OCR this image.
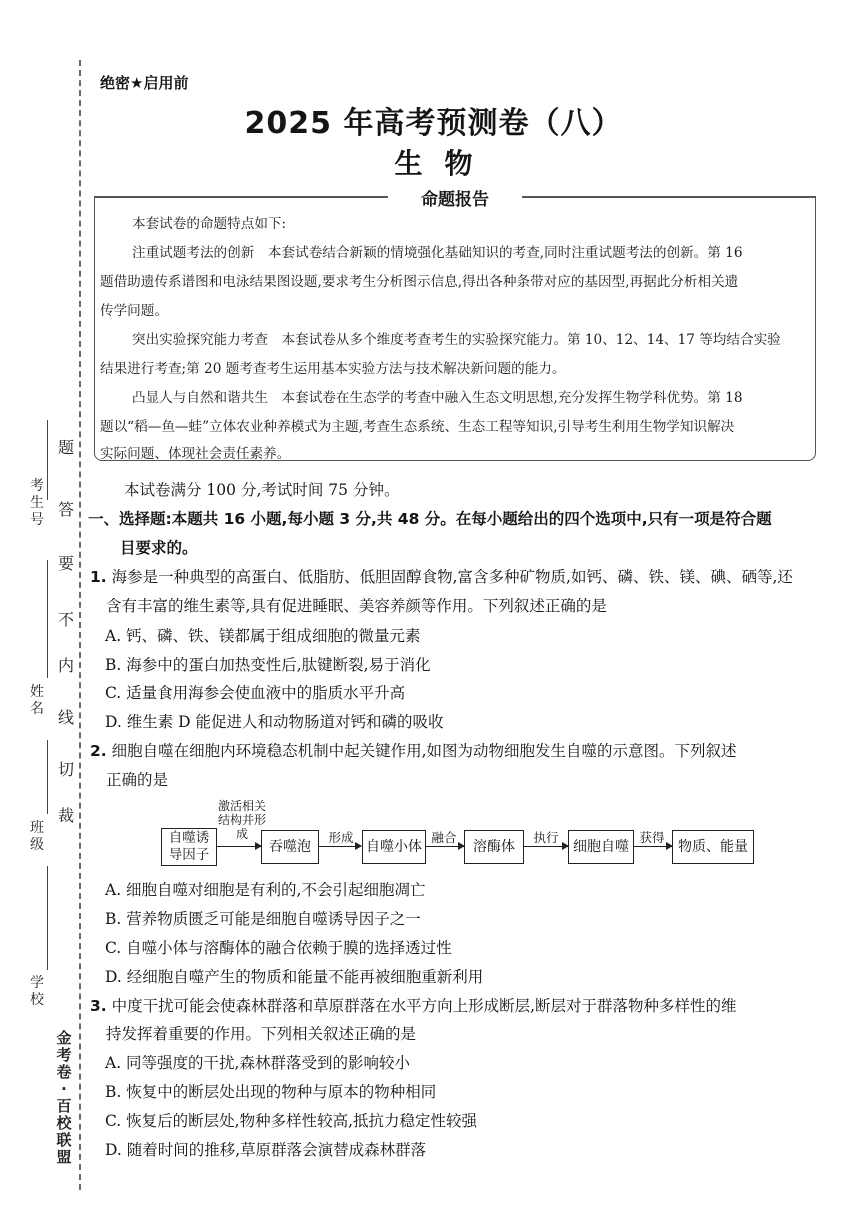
题
答
要
不
内
线
切
裁
考生号
姓名
班级
学校
金考卷·百校联盟
绝密★启用前
2025 年高考预测卷（八）
生物
命题报告
本套试卷的命题特点如下:
注重试题考法的创新　本套试卷结合新颖的情境强化基础知识的考查,同时注重试题考法的创新。第 16
题借助遗传系谱图和电泳结果图设题,要求考生分析图示信息,得出各种条带对应的基因型,再据此分析相关遗
传学问题。
突出实验探究能力考查　本套试卷从多个维度考查考生的实验探究能力。第 10、12、14、17 等均结合实验
结果进行考查;第 20 题考查考生运用基本实验方法与技术解决新问题的能力。
凸显人与自然和谐共生　本套试卷在生态学的考查中融入生态文明思想,充分发挥生物学科优势。第 18
题以“稻—鱼—蛙”立体农业种养模式为主题,考查生态系统、生态工程等知识,引导考生利用生物学知识解决
实际问题、体现社会责任素养。
本试卷满分 100 分,考试时间 75 分钟。
一、选择题:本题共 16 小题,每小题 3 分,共 48 分。在每小题给出的四个选项中,只有一项是符合题
目要求的。
1. 海参是一种典型的高蛋白、低脂肪、低胆固醇食物,富含多种矿物质,如钙、磷、铁、镁、碘、硒等,还
含有丰富的维生素等,具有促进睡眠、美容养颜等作用。下列叙述正确的是
A. 钙、磷、铁、镁都属于组成细胞的微量元素
B. 海参中的蛋白加热变性后,肽键断裂,易于消化
C. 适量食用海参会使血液中的脂质水平升高
D. 维生素 D 能促进人和动物肠道对钙和磷的吸收
2. 细胞自噬在细胞内环境稳态机制中起关键作用,如图为动物细胞发生自噬的示意图。下列叙述
正确的是
自噬诱导因子
激活相关结构并形成
吞噬泡
形成
自噬小体
融合
溶酶体
执行
细胞自噬
获得
物质、能量
A. 细胞自噬对细胞是有利的,不会引起细胞凋亡
B. 营养物质匮乏可能是细胞自噬诱导因子之一
C. 自噬小体与溶酶体的融合依赖于膜的选择透过性
D. 经细胞自噬产生的物质和能量不能再被细胞重新利用
3. 中度干扰可能会使森林群落和草原群落在水平方向上形成断层,断层对于群落物种多样性的维
持发挥着重要的作用。下列相关叙述正确的是
A. 同等强度的干扰,森林群落受到的影响较小
B. 恢复中的断层处出现的物种与原本的物种相同
C. 恢复后的断层处,物种多样性较高,抵抗力稳定性较强
D. 随着时间的推移,草原群落会演替成森林群落
